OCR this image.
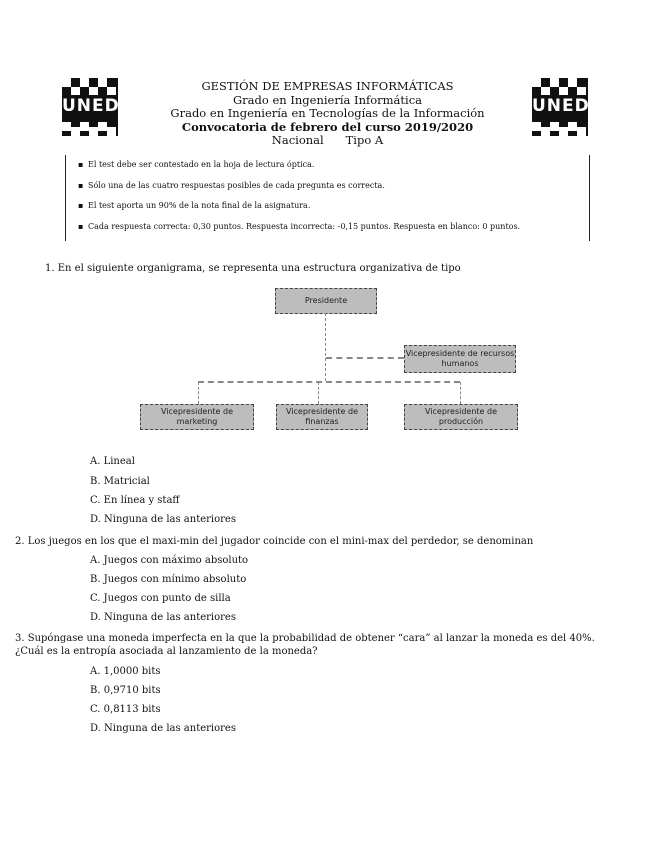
UNED	UNED
GESTIÓN DE EMPRESAS INFORMÁTICAS
Grado en Ingeniería Informática
Grado en Ingeniería en Tecnologías de la Información
Convocatoria de febrero del curso 2019/2020
Nacional      Tipo A
▪ El test debe ser contestado en la hoja de lectura óptica.
▪ Sólo una de las cuatro respuestas posibles de cada pregunta es correcta.
▪ El test aporta un 90% de la nota final de la asignatura.
▪ Cada respuesta correcta: 0,30 puntos. Respuesta incorrecta: -0,15 puntos. Respuesta en blanco: 0 puntos.
1. En el siguiente organigrama, se representa una estructura organizativa de tipo
Presidente
Vicepresidente de recursos humanos
Vicepresidente de marketing
Vicepresidente de finanzas
Vicepresidente de producción
A. Lineal
B. Matricial
C. En línea y staff
D. Ninguna de las anteriores
2. Los juegos en los que el maxi-min del jugador coincide con el mini-max del perdedor, se denominan
A. Juegos con máximo absoluto
B. Juegos con mínimo absoluto
C. Juegos con punto de silla
D. Ninguna de las anteriores
3. Supóngase una moneda imperfecta en la que la probabilidad de obtener “cara” al lanzar la moneda es del 40%. ¿Cuál es la entropía asociada al lanzamiento de la moneda?
A. 1,0000 bits
B. 0,9710 bits
C. 0,8113 bits
D. Ninguna de las anteriores
